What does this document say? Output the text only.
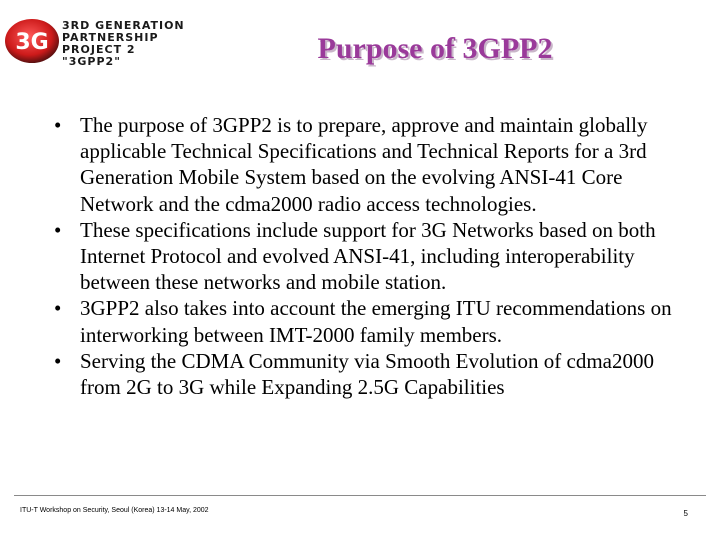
3G
3RD GENERATION
PARTNERSHIP
PROJECT 2
"3GPP2"	Purpose of 3GPP2
• The purpose of 3GPP2 is to prepare, approve and maintain globally applicable Technical Specifications and Technical Reports for a 3rd Generation Mobile System based on the evolving ANSI-41 Core Network and the cdma2000 radio access technologies.
• These specifications include support for 3G Networks based on both Internet Protocol and evolved ANSI-41, including interoperability between these networks and mobile station.
• 3GPP2 also takes into account the emerging ITU recommendations on interworking between IMT-2000 family members.
• Serving the CDMA Community via Smooth Evolution of cdma2000 from 2G to 3G while Expanding 2.5G Capabilities
ITU-T Workshop on Security, Seoul (Korea) 13-14 May, 2002	5
